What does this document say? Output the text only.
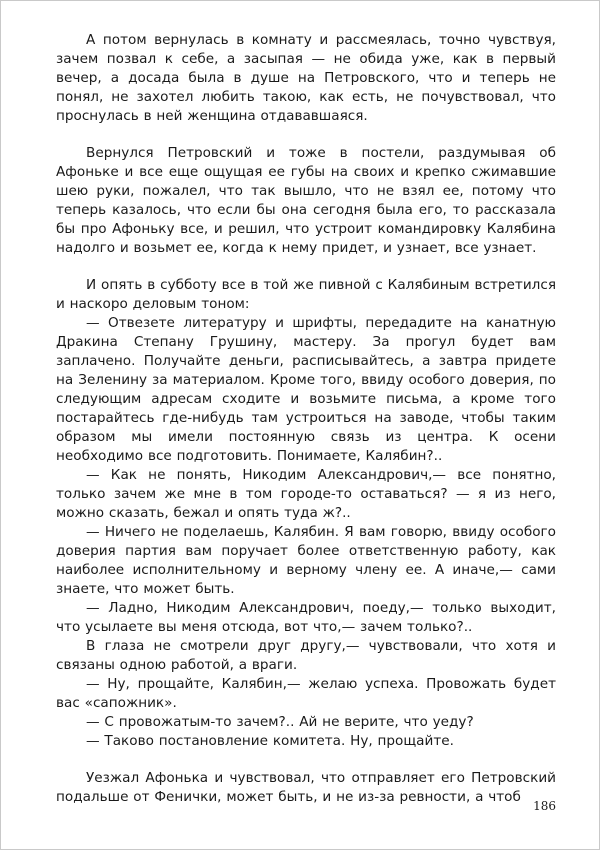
А потом вернулась в комнату и рассмеялась, точно чувствуя, зачем позвал к себе, а засыпая — не обида уже, как в первый вечер, а досада была в душе на Петровского, что и теперь не понял, не захотел любить такою, как есть, не почувствовал, что проснулась в ней женщина отдававшаяся.

Вернулся Петровский и тоже в постели, раздумывая об Афоньке и все еще ощущая ее губы на своих и крепко сжимавшие шею руки, пожалел, что так вышло, что не взял ее, потому что теперь казалось, что если бы она сегодня была его, то рассказала бы про Афоньку все, и решил, что устроит командировку Калябина надолго и возьмет ее, когда к нему придет, и узнает, все узнает.

И опять в субботу все в той же пивной с Калябиным встретился и наскоро деловым тоном:

— Отвезете литературу и шрифты, передадите на канатную Дракина Степану Грушину, мастеру. За прогул будет вам заплачено. Получайте деньги, расписывайтесь, а завтра придете на Зеленину за материалом. Кроме того, ввиду особого доверия, по следующим адресам сходите и возьмите письма, а кроме того постарайтесь где-нибудь там устроиться на заводе, чтобы таким образом мы имели постоянную связь из центра. К осени необходимо все подготовить. Понимаете, Калябин?..

— Как не понять, Никодим Александрович,— все понятно, только зачем же мне в том городе-то оставаться? — я из него, можно сказать, бежал и опять туда ж?..

— Ничего не поделаешь, Калябин. Я вам говорю, ввиду особого доверия партия вам поручает более ответственную работу, как наиболее исполнительному и верному члену ее. А иначе,— сами знаете, что может быть.

— Ладно, Никодим Александрович, поеду,— только выходит, что усылаете вы меня отсюда, вот что,— зачем только?..

В глаза не смотрели друг другу,— чувствовали, что хотя и связаны одною работой, а враги.

— Ну, прощайте, Калябин,— желаю успеха. Провожать будет вас «сапожник».

— С провожатым-то зачем?.. Ай не верите, что уеду?

— Таково постановление комитета. Ну, прощайте.

Уезжал Афонька и чувствовал, что отправляет его Петровский подальше от Фенички, может быть, и не из-за ревности, а чтоб

186
